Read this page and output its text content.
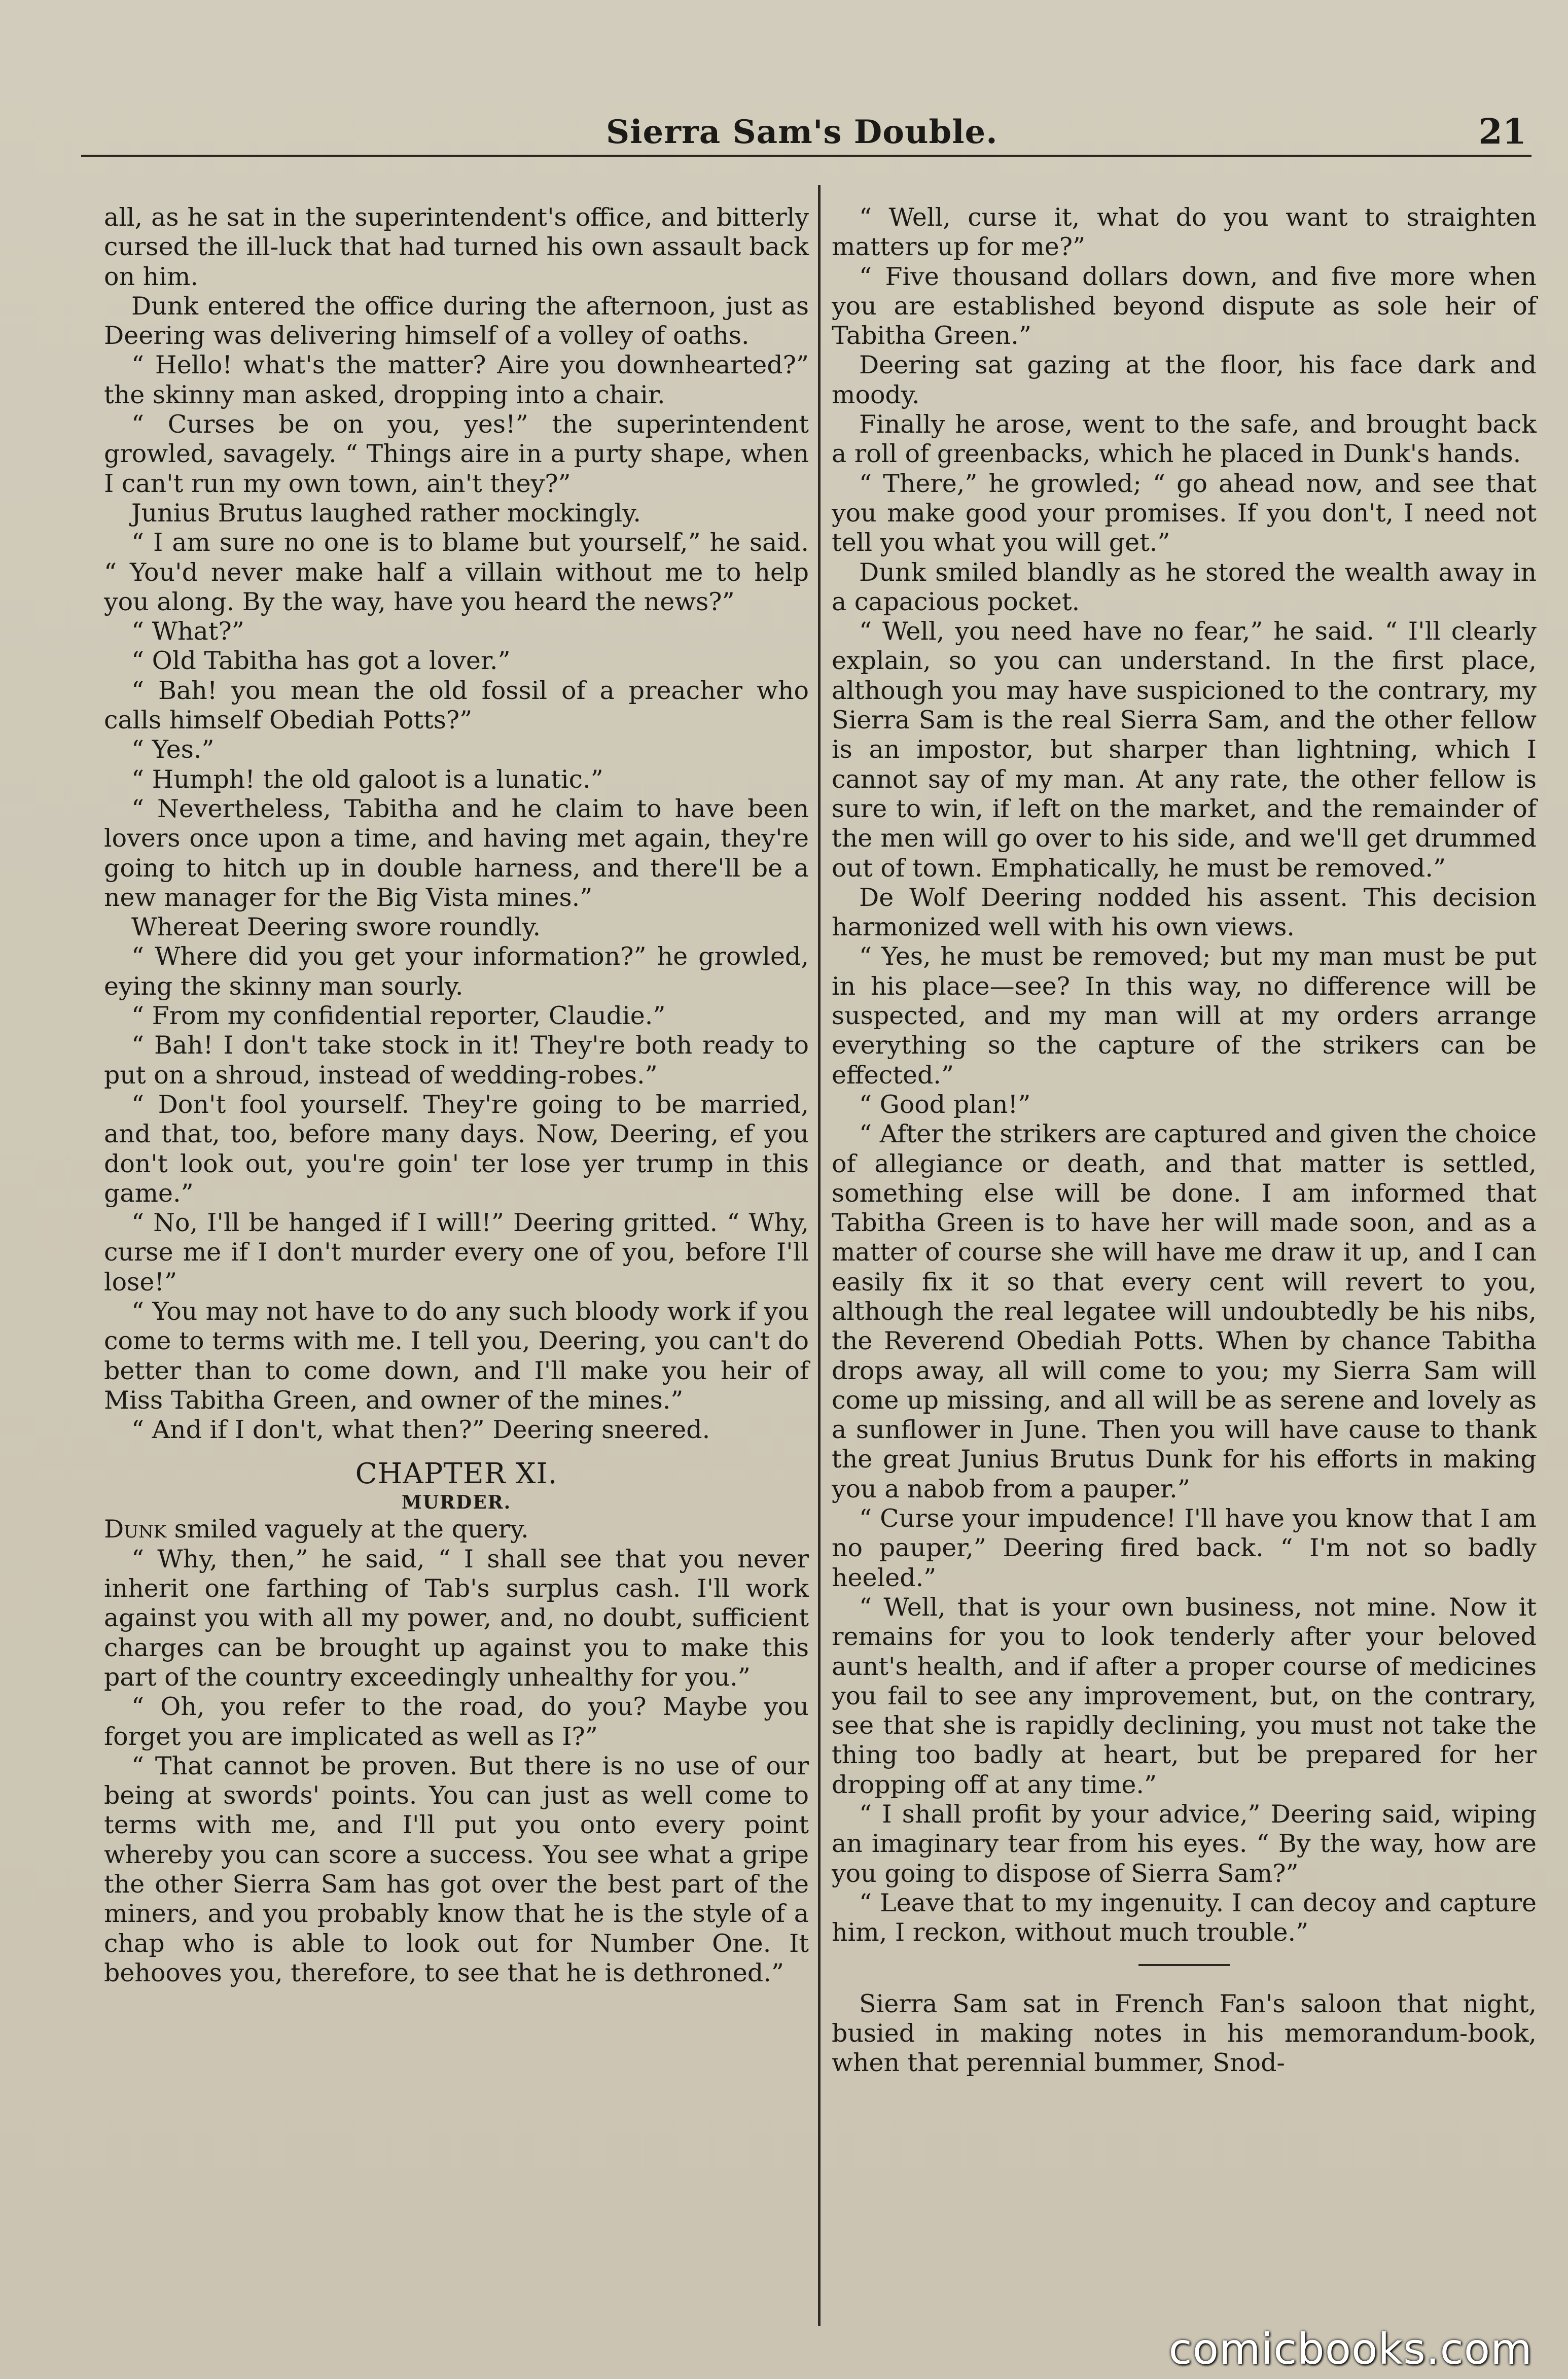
Sierra Sam's Double.	21

all, as he sat in the superintendent's office, and bitterly cursed the ill-luck that had turned his own assault back on him.

Dunk entered the office during the afternoon, just as Deering was delivering himself of a volley of oaths.

“ Hello! what's the matter? Aire you downhearted?” the skinny man asked, dropping into a chair.

“ Curses be on you, yes!” the superintendent growled, savagely. “ Things aire in a purty shape, when I can't run my own town, ain't they?”

Junius Brutus laughed rather mockingly.

“ I am sure no one is to blame but yourself,” he said. “ You'd never make half a villain without me to help you along. By the way, have you heard the news?”

“ What?”

“ Old Tabitha has got a lover.”

“ Bah! you mean the old fossil of a preacher who calls himself Obediah Potts?”

“ Yes.”

“ Humph! the old galoot is a lunatic.”

“ Nevertheless, Tabitha and he claim to have been lovers once upon a time, and having met again, they're going to hitch up in double harness, and there'll be a new manager for the Big Vista mines.”

Whereat Deering swore roundly.

“ Where did you get your information?” he growled, eying the skinny man sourly.

“ From my confidential reporter, Claudie.”

“ Bah! I don't take stock in it! They're both ready to put on a shroud, instead of wedding-robes.”

“ Don't fool yourself. They're going to be married, and that, too, before many days. Now, Deering, ef you don't look out, you're goin' ter lose yer trump in this game.”

“ No, I'll be hanged if I will!” Deering gritted. “ Why, curse me if I don't murder every one of you, before I'll lose!”

“ You may not have to do any such bloody work if you come to terms with me. I tell you, Deering, you can't do better than to come down, and I'll make you heir of Miss Tabitha Green, and owner of the mines.”

“ And if I don't, what then?” Deering sneered.

CHAPTER XI.
MURDER.

Dunk smiled vaguely at the query.

“ Why, then,” he said, “ I shall see that you never inherit one farthing of Tab's surplus cash. I'll work against you with all my power, and, no doubt, sufficient charges can be brought up against you to make this part of the country exceedingly unhealthy for you.”

“ Oh, you refer to the road, do you? Maybe you forget you are implicated as well as I?”

“ That cannot be proven. But there is no use of our being at swords' points. You can just as well come to terms with me, and I'll put you onto every point whereby you can score a success. You see what a gripe the other Sierra Sam has got over the best part of the miners, and you probably know that he is the style of a chap who is able to look out for Number One. It behooves you, therefore, to see that he is dethroned.”

“ Well, curse it, what do you want to straighten matters up for me?”

“ Five thousand dollars down, and five more when you are established beyond dispute as sole heir of Tabitha Green.”

Deering sat gazing at the floor, his face dark and moody.

Finally he arose, went to the safe, and brought back a roll of greenbacks, which he placed in Dunk's hands.

“ There,” he growled; “ go ahead now, and see that you make good your promises. If you don't, I need not tell you what you will get.”

Dunk smiled blandly as he stored the wealth away in a capacious pocket.

“ Well, you need have no fear,” he said. “ I'll clearly explain, so you can understand. In the first place, although you may have suspicioned to the contrary, my Sierra Sam is the real Sierra Sam, and the other fellow is an impostor, but sharper than lightning, which I cannot say of my man. At any rate, the other fellow is sure to win, if left on the market, and the remainder of the men will go over to his side, and we'll get drummed out of town. Emphatically, he must be removed.”

De Wolf Deering nodded his assent. This decision harmonized well with his own views.

“ Yes, he must be removed; but my man must be put in his place—see? In this way, no difference will be suspected, and my man will at my orders arrange everything so the capture of the strikers can be effected.”

“ Good plan!”

“ After the strikers are captured and given the choice of allegiance or death, and that matter is settled, something else will be done. I am informed that Tabitha Green is to have her will made soon, and as a matter of course she will have me draw it up, and I can easily fix it so that every cent will revert to you, although the real legatee will undoubtedly be his nibs, the Reverend Obediah Potts. When by chance Tabitha drops away, all will come to you; my Sierra Sam will come up missing, and all will be as serene and lovely as a sunflower in June. Then you will have cause to thank the great Junius Brutus Dunk for his efforts in making you a nabob from a pauper.”

“ Curse your impudence! I'll have you know that I am no pauper,” Deering fired back. “ I'm not so badly heeled.”

“ Well, that is your own business, not mine. Now it remains for you to look tenderly after your beloved aunt's health, and if after a proper course of medicines you fail to see any improvement, but, on the contrary, see that she is rapidly declining, you must not take the thing too badly at heart, but be prepared for her dropping off at any time.”

“ I shall profit by your advice,” Deering said, wiping an imaginary tear from his eyes. “ By the way, how are you going to dispose of Sierra Sam?”

“ Leave that to my ingenuity. I can decoy and capture him, I reckon, without much trouble.”

Sierra Sam sat in French Fan's saloon that night, busied in making notes in his memorandum-book, when that perennial bummer, Snod-

comicbooks.com
